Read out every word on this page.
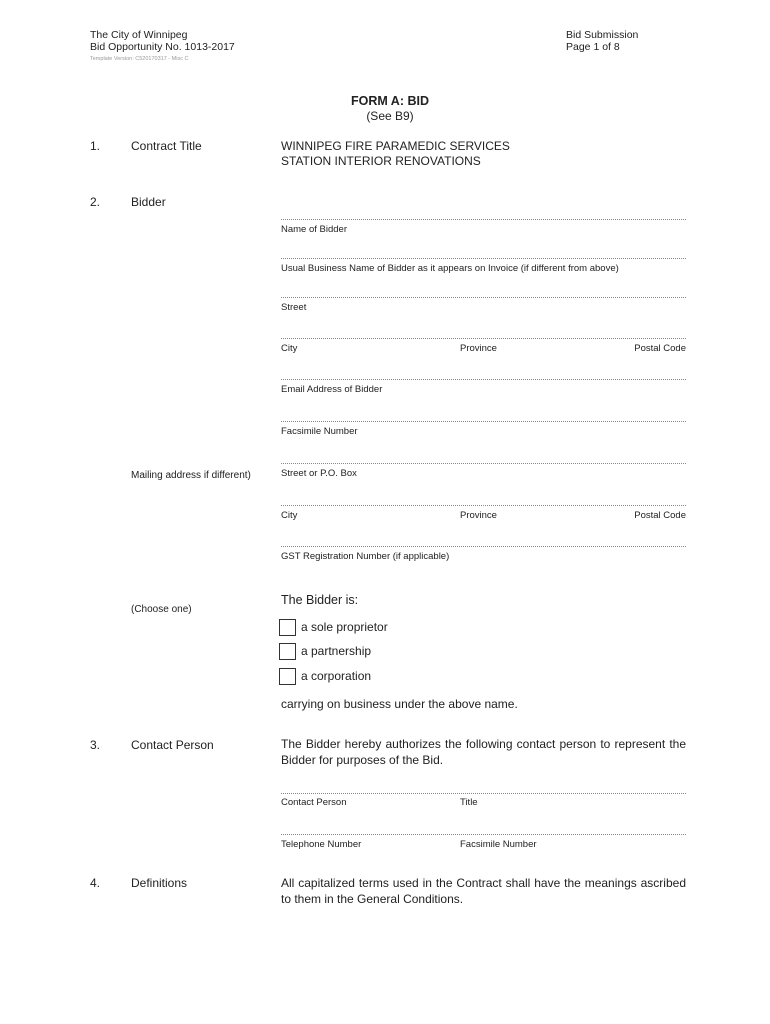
The City of Winnipeg
Bid Opportunity No. 1013-2017
Template Version: C520170317 - Misc C
Bid Submission
Page 1 of 8
FORM A: BID
(See B9)
1.	Contract Title	WINNIPEG FIRE PARAMEDIC SERVICES
STATION INTERIOR RENOVATIONS
2.	Bidder
Name of Bidder
Usual Business Name of Bidder as it appears on Invoice (if different from above)
Street
City	Province	Postal Code
Email Address of Bidder
Facsimile Number
Mailing address if different)	Street or P.O. Box
City	Province	Postal Code
GST Registration Number (if applicable)
(Choose one)
The Bidder is:
a sole proprietor
a partnership
a corporation
carrying on business under the above name.
3.	Contact Person	The Bidder hereby authorizes the following contact person to represent the Bidder for purposes of the Bid.
Contact Person	Title
Telephone Number	Facsimile Number
4.	Definitions	All capitalized terms used in the Contract shall have the meanings ascribed to them in the General Conditions.
